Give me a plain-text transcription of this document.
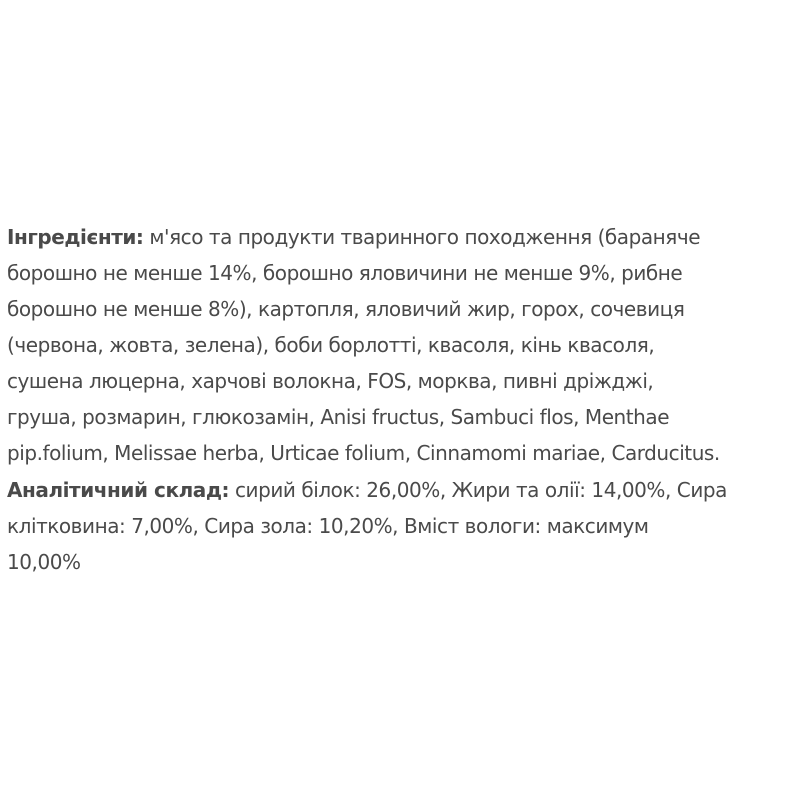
Інгредієнти: м'ясо та продукти тваринного походження (бараняче
борошно не менше 14%, борошно яловичини не менше 9%, рибне
борошно не менше 8%), картопля, яловичий жир, горох, сочевиця
(червона, жовта, зелена), боби борлотті, квасоля, кінь квасоля,
сушена люцерна, харчові волокна, FOS, морква, пивні дріжджі,
груша, розмарин, глюкозамін, Anisi fructus, Sambuci flos, Menthae
pip.folium, Melissae herba, Urticae folium, Cinnamomi mariae, Carducitus.

Аналітичний склад: сирий білок: 26,00%, Жири та олії: 14,00%, Сира
клітковина: 7,00%, Сира зола: 10,20%, Вміст вологи: максимум
10,00%
